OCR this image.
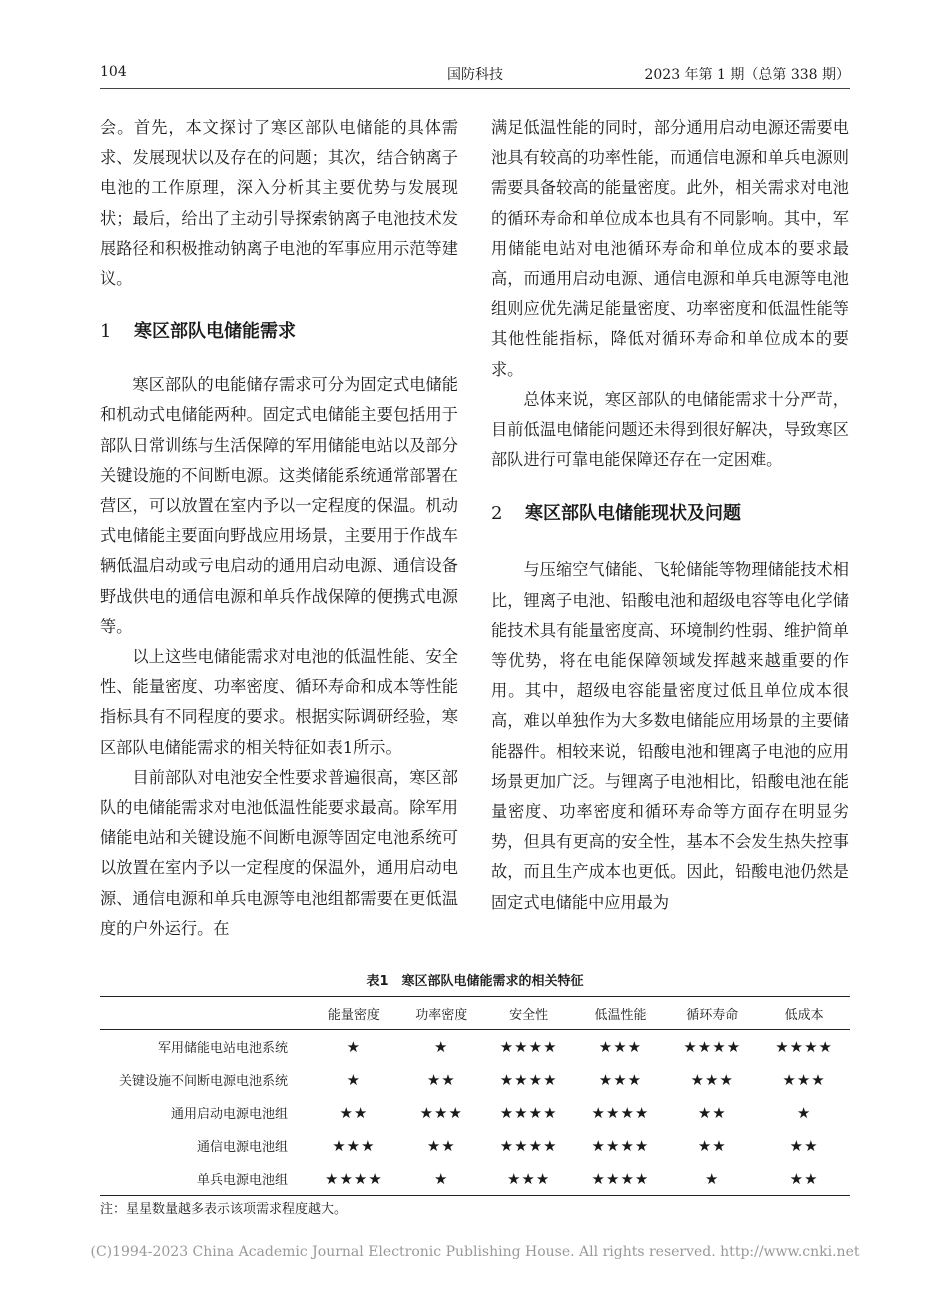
104	国防科技	2023 年第 1 期（总第 338 期）

会。首先，本文探讨了寒区部队电储能的具体需求、发展现状以及存在的问题；其次，结合钠离子电池的工作原理，深入分析其主要优势与发展现状；最后，给出了主动引导探索钠离子电池技术发展路径和积极推动钠离子电池的军事应用示范等建议。

1 寒区部队电储能需求

寒区部队的电能储存需求可分为固定式电储能和机动式电储能两种。固定式电储能主要包括用于部队日常训练与生活保障的军用储能电站以及部分关键设施的不间断电源。这类储能系统通常部署在营区，可以放置在室内予以一定程度的保温。机动式电储能主要面向野战应用场景，主要用于作战车辆低温启动或亏电启动的通用启动电源、通信设备野战供电的通信电源和单兵作战保障的便携式电源等。

以上这些电储能需求对电池的低温性能、安全性、能量密度、功率密度、循环寿命和成本等性能指标具有不同程度的要求。根据实际调研经验，寒区部队电储能需求的相关特征如表1所示。

目前部队对电池安全性要求普遍很高，寒区部队的电储能需求对电池低温性能要求最高。除军用储能电站和关键设施不间断电源等固定电池系统可以放置在室内予以一定程度的保温外，通用启动电源、通信电源和单兵电源等电池组都需要在更低温度的户外运行。在

满足低温性能的同时，部分通用启动电源还需要电池具有较高的功率性能，而通信电源和单兵电源则需要具备较高的能量密度。此外，相关需求对电池的循环寿命和单位成本也具有不同影响。其中，军用储能电站对电池循环寿命和单位成本的要求最高，而通用启动电源、通信电源和单兵电源等电池组则应优先满足能量密度、功率密度和低温性能等其他性能指标，降低对循环寿命和单位成本的要求。

总体来说，寒区部队的电储能需求十分严苛，目前低温电储能问题还未得到很好解决，导致寒区部队进行可靠电能保障还存在一定困难。

2 寒区部队电储能现状及问题

与压缩空气储能、飞轮储能等物理储能技术相比，锂离子电池、铅酸电池和超级电容等电化学储能技术具有能量密度高、环境制约性弱、维护简单等优势，将在电能保障领域发挥越来越重要的作用。其中，超级电容能量密度过低且单位成本很高，难以单独作为大多数电储能应用场景的主要储能器件。相较来说，铅酸电池和锂离子电池的应用场景更加广泛。与锂离子电池相比，铅酸电池在能量密度、功率密度和循环寿命等方面存在明显劣势，但具有更高的安全性，基本不会发生热失控事故，而且生产成本也更低。因此，铅酸电池仍然是固定式电储能中应用最为

表1　寒区部队电储能需求的相关特征
	能量密度	功率密度	安全性	低温性能	循环寿命	低成本
军用储能电站电池系统	★	★	★★★★	★★★	★★★★	★★★★
关键设施不间断电源电池系统	★	★★	★★★★	★★★	★★★	★★★
通用启动电源电池组	★★	★★★	★★★★	★★★★	★★	★
通信电源电池组	★★★	★★	★★★★	★★★★	★★	★★
单兵电源电池组	★★★★	★	★★★	★★★★	★	★★
注：星星数量越多表示该项需求程度越大。
(C)1994-2023 China Academic Journal Electronic Publishing House. All rights reserved. http://www.cnki.net
